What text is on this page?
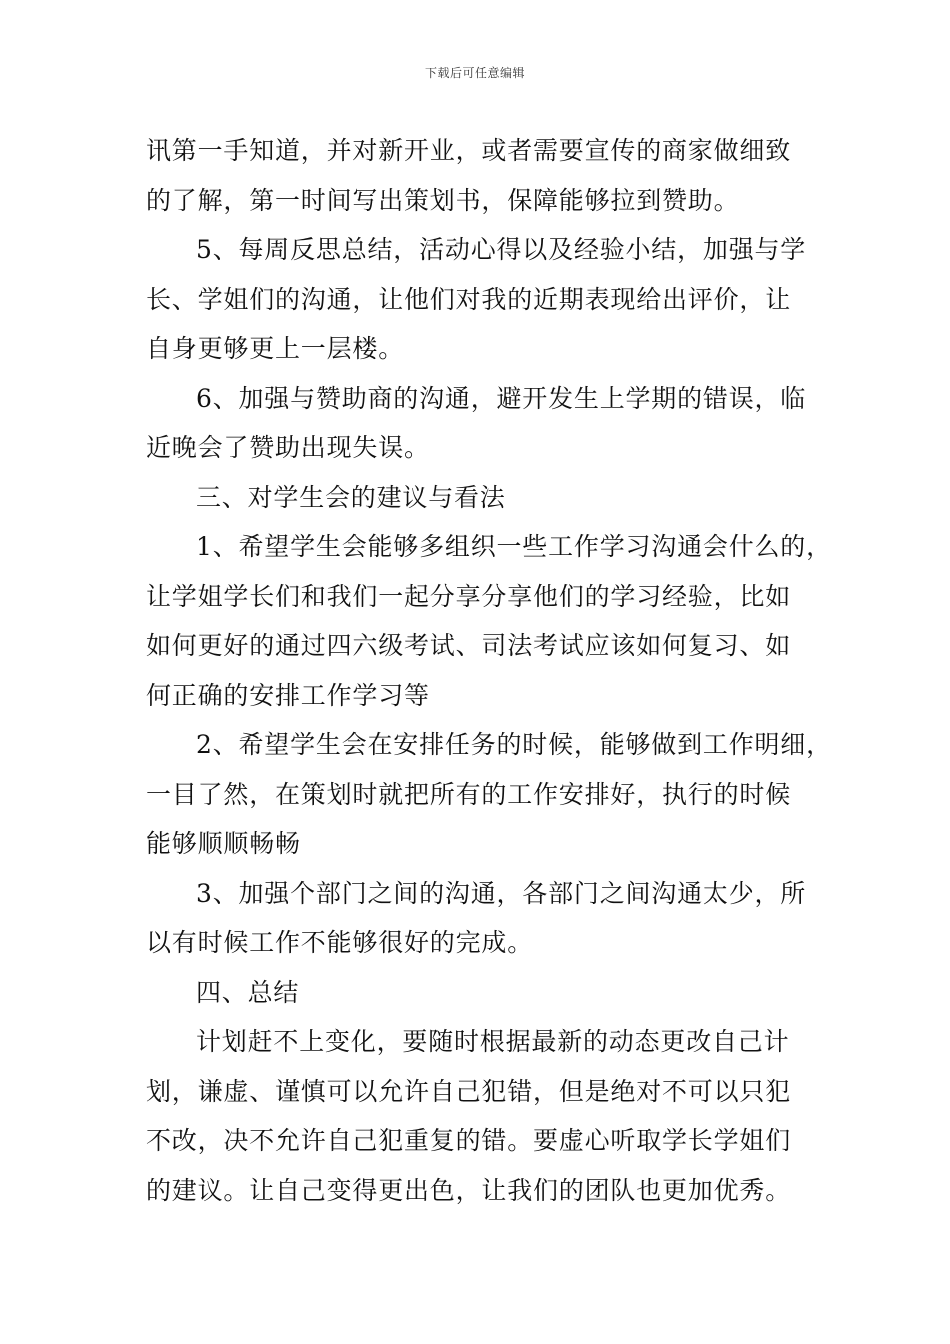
下载后可任意编辑
讯第一手知道，并对新开业，或者需要宣传的商家做细致
的了解，第一时间写出策划书，保障能够拉到赞助。
5、每周反思总结，活动心得以及经验小结，加强与学
长、学姐们的沟通，让他们对我的近期表现给出评价，让
自身更够更上一层楼。
6、加强与赞助商的沟通，避开发生上学期的错误，临
近晚会了赞助出现失误。
三、对学生会的建议与看法
1、希望学生会能够多组织一些工作学习沟通会什么的，
让学姐学长们和我们一起分享分享他们的学习经验，比如
如何更好的通过四六级考试、司法考试应该如何复习、如
何正确的安排工作学习等
2、希望学生会在安排任务的时候，能够做到工作明细，
一目了然，在策划时就把所有的工作安排好，执行的时候
能够顺顺畅畅
3、加强个部门之间的沟通，各部门之间沟通太少，所
以有时候工作不能够很好的完成。
四、总结
计划赶不上变化，要随时根据最新的动态更改自己计
划，谦虚、谨慎可以允许自己犯错，但是绝对不可以只犯
不改，决不允许自己犯重复的错。要虚心听取学长学姐们
的建议。让自己变得更出色，让我们的团队也更加优秀。
